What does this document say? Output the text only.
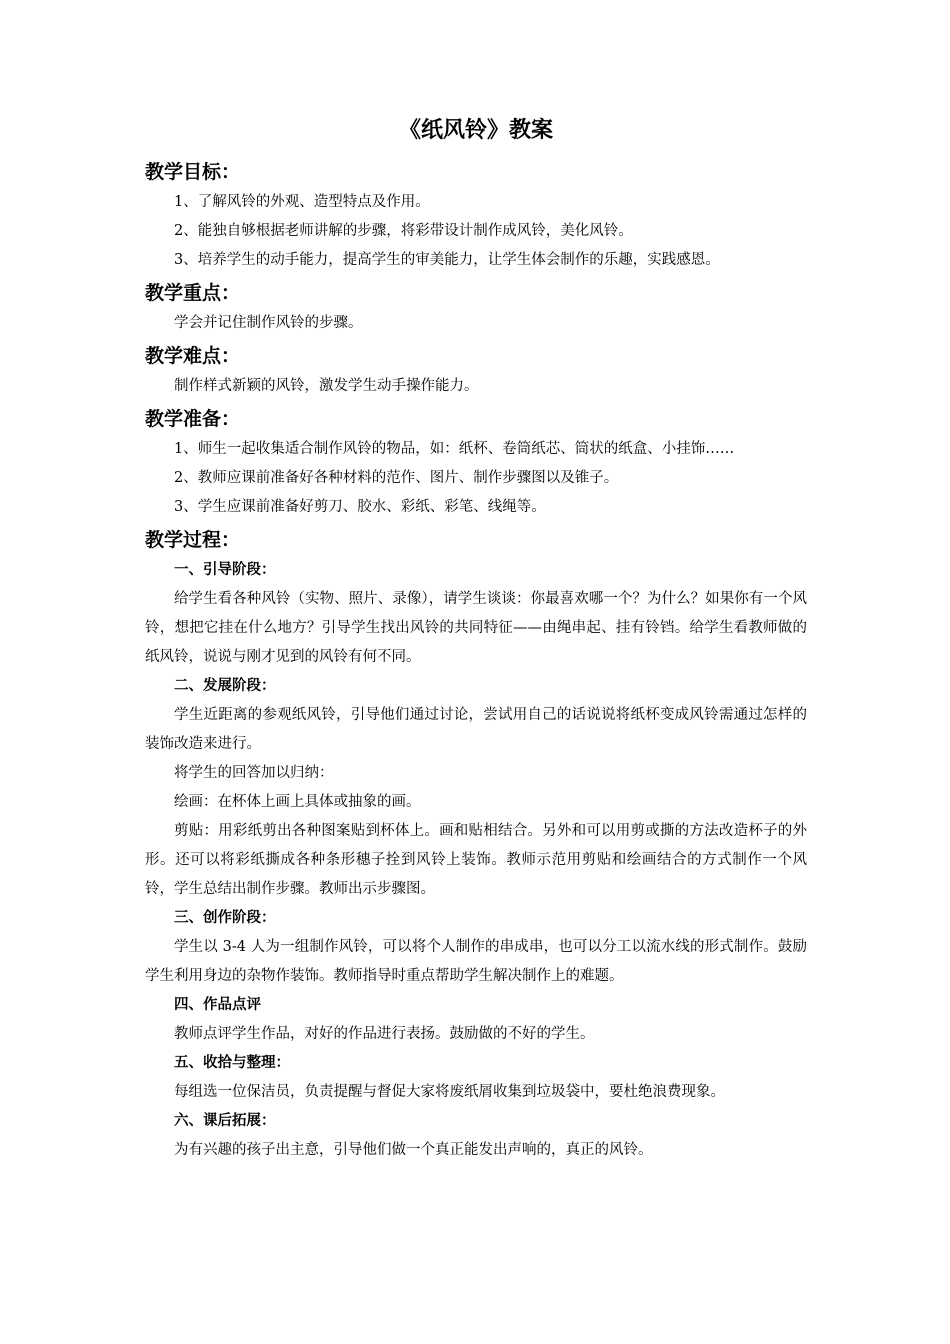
《纸风铃》教案
教学目标：

1、了解风铃的外观、造型特点及作用。

2、能独自够根据老师讲解的步骤，将彩带设计制作成风铃，美化风铃。

3、培养学生的动手能力，提高学生的审美能力，让学生体会制作的乐趣，实践感恩。

教学重点：

学会并记住制作风铃的步骤。

教学难点：

制作样式新颖的风铃，激发学生动手操作能力。

教学准备：

1、师生一起收集适合制作风铃的物品，如：纸杯、卷筒纸芯、筒状的纸盒、小挂饰……

2、教师应课前准备好各种材料的范作、图片、制作步骤图以及锥子。

3、学生应课前准备好剪刀、胶水、彩纸、彩笔、线绳等。

教学过程：

一、引导阶段：

给学生看各种风铃（实物、照片、录像），请学生谈谈：你最喜欢哪一个？为什么？如果你有一个风铃，想把它挂在什么地方？引导学生找出风铃的共同特征——由绳串起、挂有铃铛。给学生看教师做的纸风铃，说说与刚才见到的风铃有何不同。

二、发展阶段：

学生近距离的参观纸风铃，引导他们通过讨论，尝试用自己的话说说将纸杯变成风铃需通过怎样的装饰改造来进行。

将学生的回答加以归纳：

绘画：在杯体上画上具体或抽象的画。

剪贴：用彩纸剪出各种图案贴到杯体上。画和贴相结合。另外和可以用剪或撕的方法改造杯子的外形。还可以将彩纸撕成各种条形穗子拴到风铃上装饰。教师示范用剪贴和绘画结合的方式制作一个风铃，学生总结出制作步骤。教师出示步骤图。

三、创作阶段：

学生以 3-4 人为一组制作风铃，可以将个人制作的串成串，也可以分工以流水线的形式制作。鼓励学生利用身边的杂物作装饰。教师指导时重点帮助学生解决制作上的难题。

四、作品点评

教师点评学生作品，对好的作品进行表扬。鼓励做的不好的学生。

五、收拾与整理：

每组选一位保洁员，负责提醒与督促大家将废纸屑收集到垃圾袋中，要杜绝浪费现象。

六、课后拓展：

为有兴趣的孩子出主意，引导他们做一个真正能发出声响的，真正的风铃。
